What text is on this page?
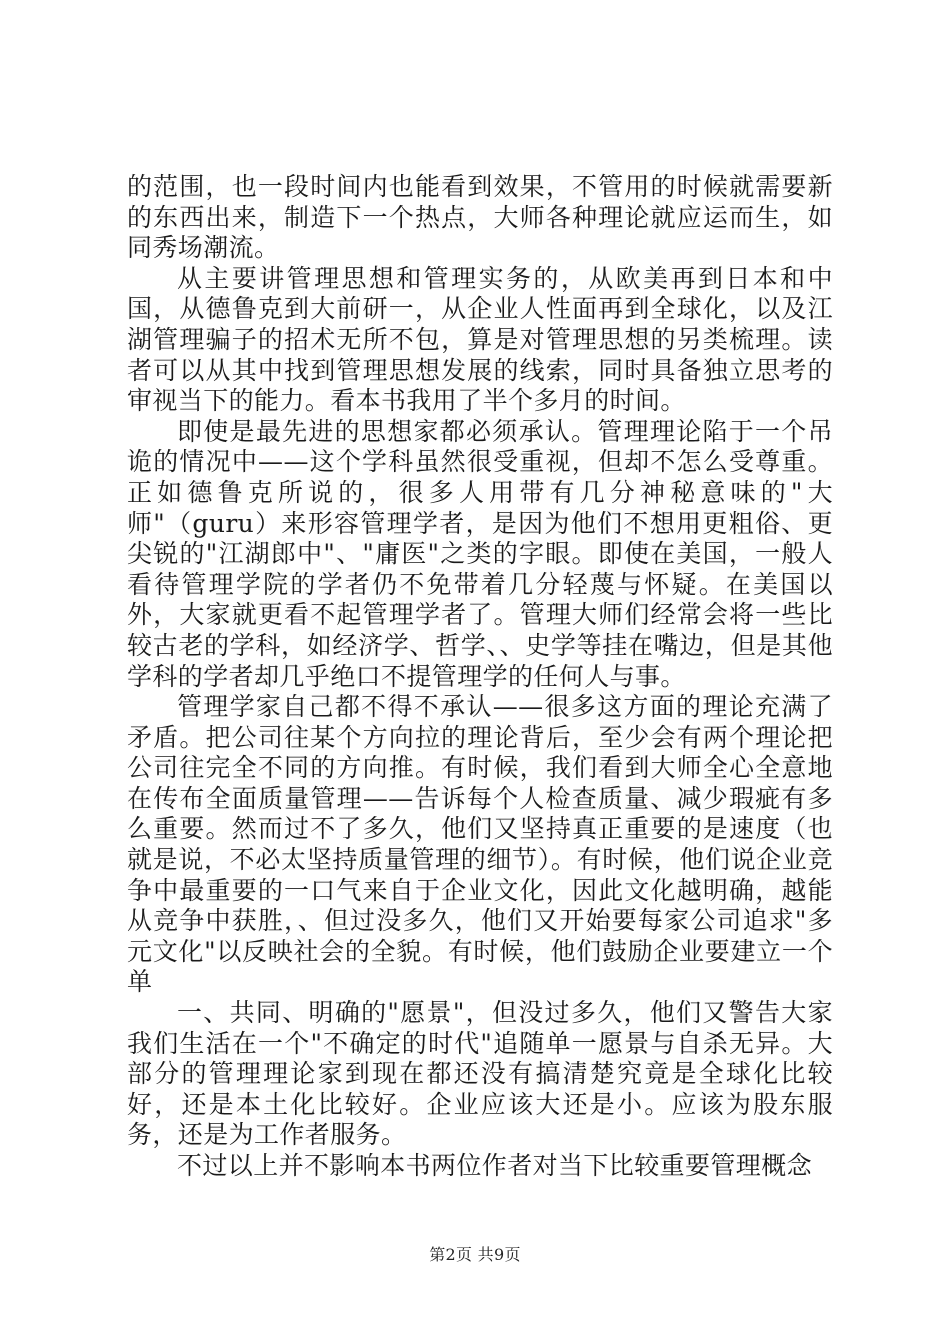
的范围，也一段时间内也能看到效果，不管用的时候就需要新的东西出来，制造下一个热点，大师各种理论就应运而生，如同秀场潮流。

从主要讲管理思想和管理实务的，从欧美再到日本和中国，从德鲁克到大前研一，从企业人性面再到全球化，以及江湖管理骗子的招术无所不包，算是对管理思想的另类梳理。读者可以从其中找到管理思想发展的线索，同时具备独立思考的审视当下的能力。看本书我用了半个多月的时间。

即使是最先进的思想家都必须承认。管理理论陷于一个吊诡的情况中——这个学科虽然很受重视，但却不怎么受尊重。正如德鲁克所说的，很多人用带有几分神秘意味的"大师"（guru）来形容管理学者，是因为他们不想用更粗俗、更尖锐的"江湖郎中"、"庸医"之类的字眼。即使在美国，一般人看待管理学院的学者仍不免带着几分轻蔑与怀疑。在美国以外，大家就更看不起管理学者了。管理大师们经常会将一些比较古老的学科，如经济学、哲学、、史学等挂在嘴边，但是其他学科的学者却几乎绝口不提管理学的任何人与事。

管理学家自己都不得不承认——很多这方面的理论充满了矛盾。把公司往某个方向拉的理论背后，至少会有两个理论把公司往完全不同的方向推。有时候，我们看到大师全心全意地在传布全面质量管理——告诉每个人检查质量、减少瑕疵有多么重要。然而过不了多久，他们又坚持真正重要的是速度（也就是说，不必太坚持质量管理的细节）。有时候，他们说企业竞争中最重要的一口气来自于企业文化，因此文化越明确，越能从竞争中获胜，、但过没多久，他们又开始要每家公司追求"多元文化"以反映社会的全貌。有时候，他们鼓励企业要建立一个单

一、共同、明确的"愿景"，但没过多久，他们又警告大家我们生活在一个"不确定的时代"追随单一愿景与自杀无异。大部分的管理理论家到现在都还没有搞清楚究竟是全球化比较好，还是本土化比较好。企业应该大还是小。应该为股东服务，还是为工作者服务。

不过以上并不影响本书两位作者对当下比较重要管理概念

第2页 共9页
